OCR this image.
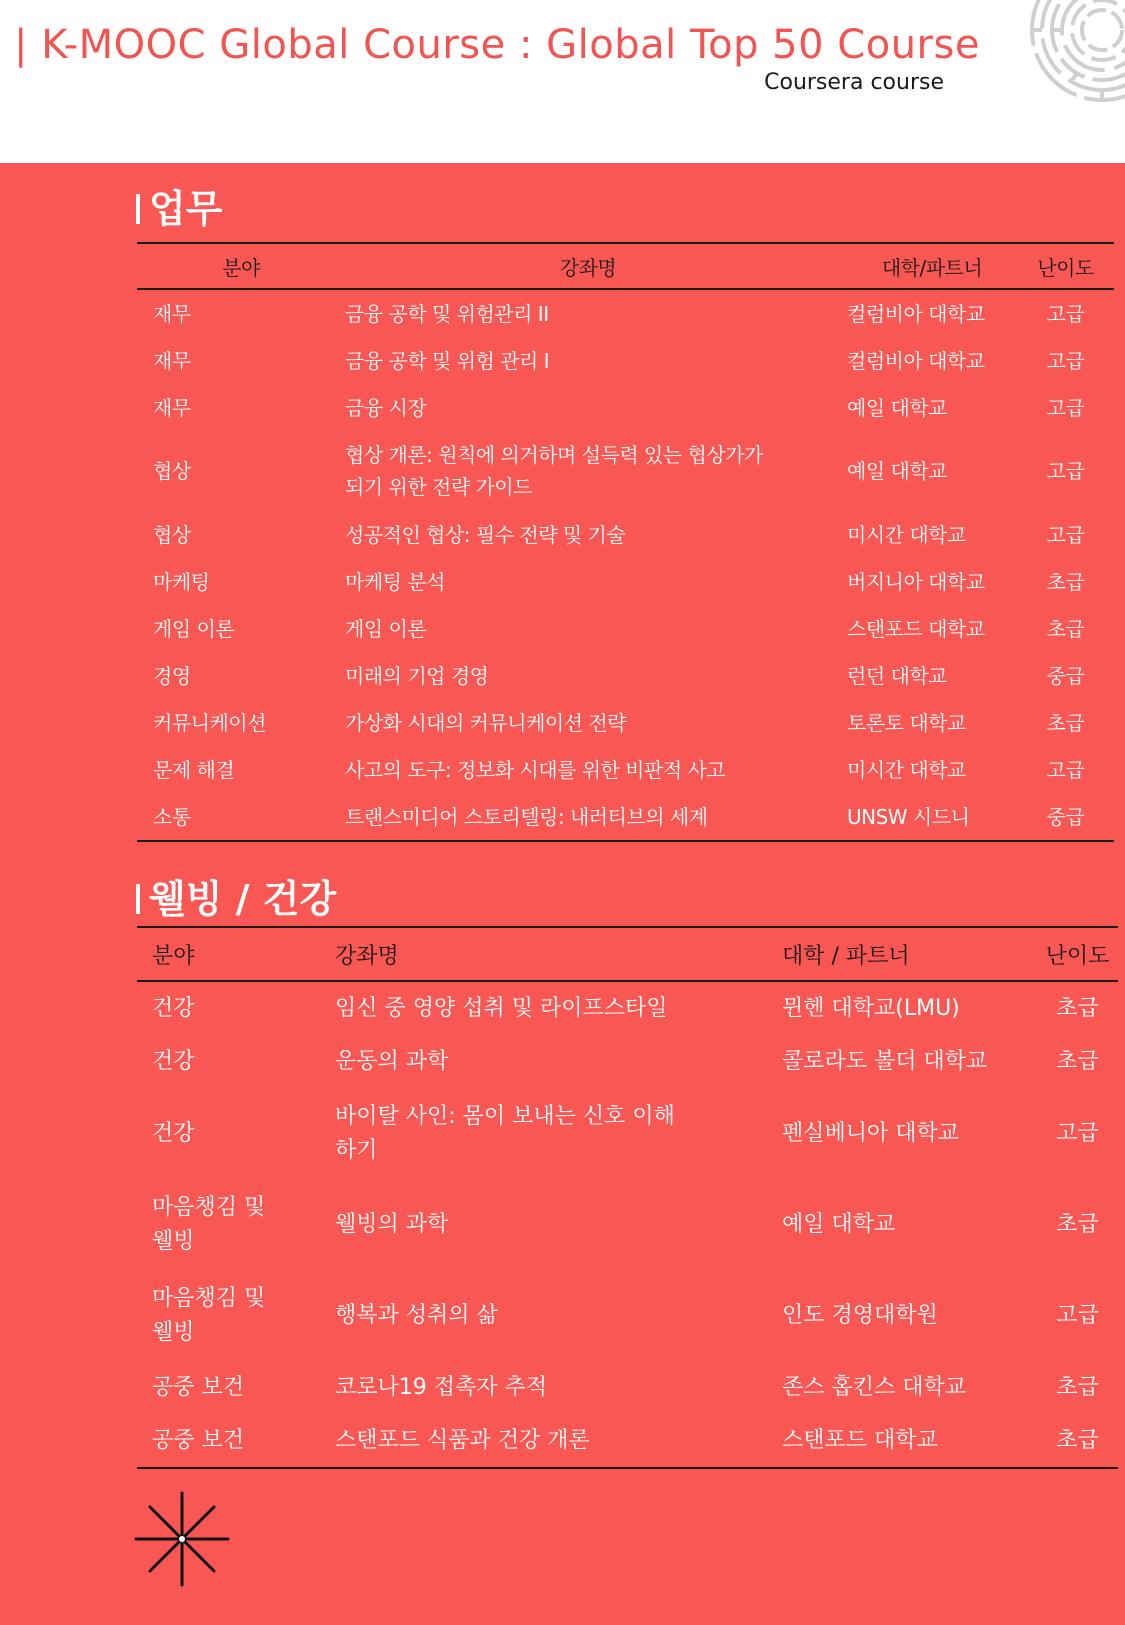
| K-MOOC Global Course : Global Top 50 Course
Coursera course
업무
분야	강좌명	대학/파트너	난이도
재무	금융 공학 및 위험관리 II	컬럼비아 대학교	고급
재무	금융 공학 및 위험 관리 I	컬럼비아 대학교	고급
재무	금융 시장	예일 대학교	고급
협상	협상 개론: 원칙에 의거하며 설득력 있는 협상가가 되기 위한 전략 가이드	예일 대학교	고급
협상	성공적인 협상: 필수 전략 및 기술	미시간 대학교	고급
마케팅	마케팅 분석	버지니아 대학교	초급
게임 이론	게임 이론	스탠포드 대학교	초급
경영	미래의 기업 경영	런던 대학교	중급
커뮤니케이션	가상화 시대의 커뮤니케이션 전략	토론토 대학교	초급
문제 해결	사고의 도구: 정보화 시대를 위한 비판적 사고	미시간 대학교	고급
소통	트랜스미디어 스토리텔링: 내러티브의 세계	UNSW 시드니	중급
웰빙 / 건강
분야	강좌명	대학 / 파트너	난이도
건강	임신 중 영양 섭취 및 라이프스타일	뮌헨 대학교(LMU)	초급
건강	운동의 과학	콜로라도 볼더 대학교	초급
건강	바이탈 사인: 몸이 보내는 신호 이해하기	펜실베니아 대학교	고급
마음챙김 및 웰빙	웰빙의 과학	예일 대학교	초급
마음챙김 및 웰빙	행복과 성취의 삶	인도 경영대학원	고급
공중 보건	코로나19 접촉자 추적	존스 홉킨스 대학교	초급
공중 보건	스탠포드 식품과 건강 개론	스탠포드 대학교	초급
